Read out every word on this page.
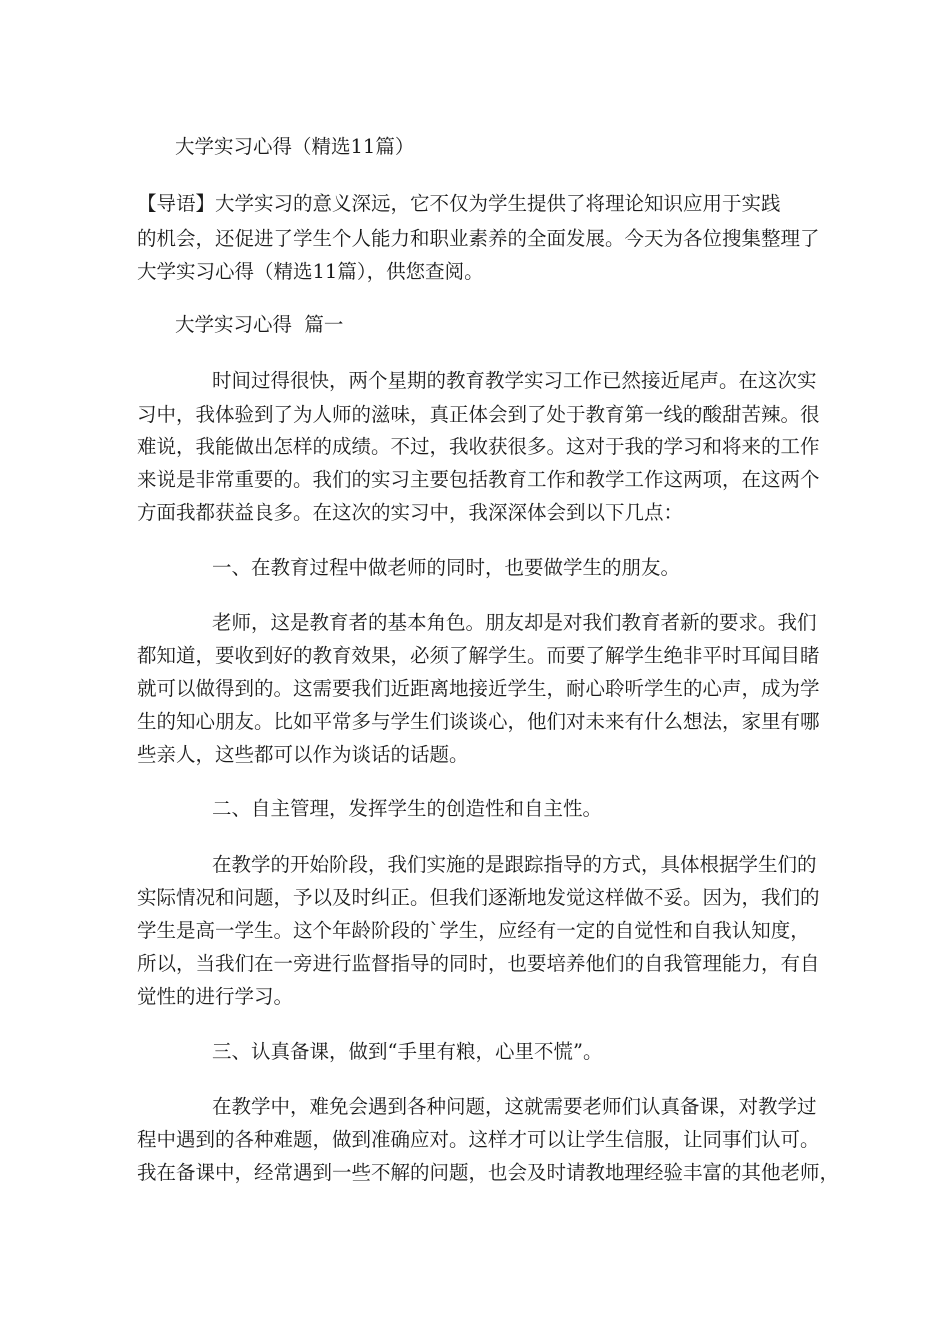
大学实习心得（精选11篇）
【导语】大学实习的意义深远，它不仅为学生提供了将理论知识应用于实践
的机会，还促进了学生个人能力和职业素养的全面发展。今天为各位搜集整理了
大学实习心得（精选11篇），供您查阅。
大学实习心得  篇一
时间过得很快，两个星期的教育教学实习工作已然接近尾声。在这次实
习中，我体验到了为人师的滋味，真正体会到了处于教育第一线的酸甜苦辣。很
难说，我能做出怎样的成绩。不过，我收获很多。这对于我的学习和将来的工作
来说是非常重要的。我们的实习主要包括教育工作和教学工作这两项，在这两个
方面我都获益良多。在这次的实习中，我深深体会到以下几点：
一、在教育过程中做老师的同时，也要做学生的朋友。
老师，这是教育者的基本角色。朋友却是对我们教育者新的要求。我们
都知道，要收到好的教育效果，必须了解学生。而要了解学生绝非平时耳闻目睹
就可以做得到的。这需要我们近距离地接近学生，耐心聆听学生的心声，成为学
生的知心朋友。比如平常多与学生们谈谈心，他们对未来有什么想法，家里有哪
些亲人，这些都可以作为谈话的话题。
二、自主管理，发挥学生的创造性和自主性。
在教学的开始阶段，我们实施的是跟踪指导的方式，具体根据学生们的
实际情况和问题，予以及时纠正。但我们逐渐地发觉这样做不妥。因为，我们的
学生是高一学生。这个年龄阶段的`学生，应经有一定的自觉性和自我认知度，
所以，当我们在一旁进行监督指导的同时，也要培养他们的自我管理能力，有自
觉性的进行学习。
三、认真备课，做到“手里有粮，心里不慌”。
在教学中，难免会遇到各种问题，这就需要老师们认真备课，对教学过
程中遇到的各种难题，做到准确应对。这样才可以让学生信服，让同事们认可。
我在备课中，经常遇到一些不解的问题，也会及时请教地理经验丰富的其他老师，
